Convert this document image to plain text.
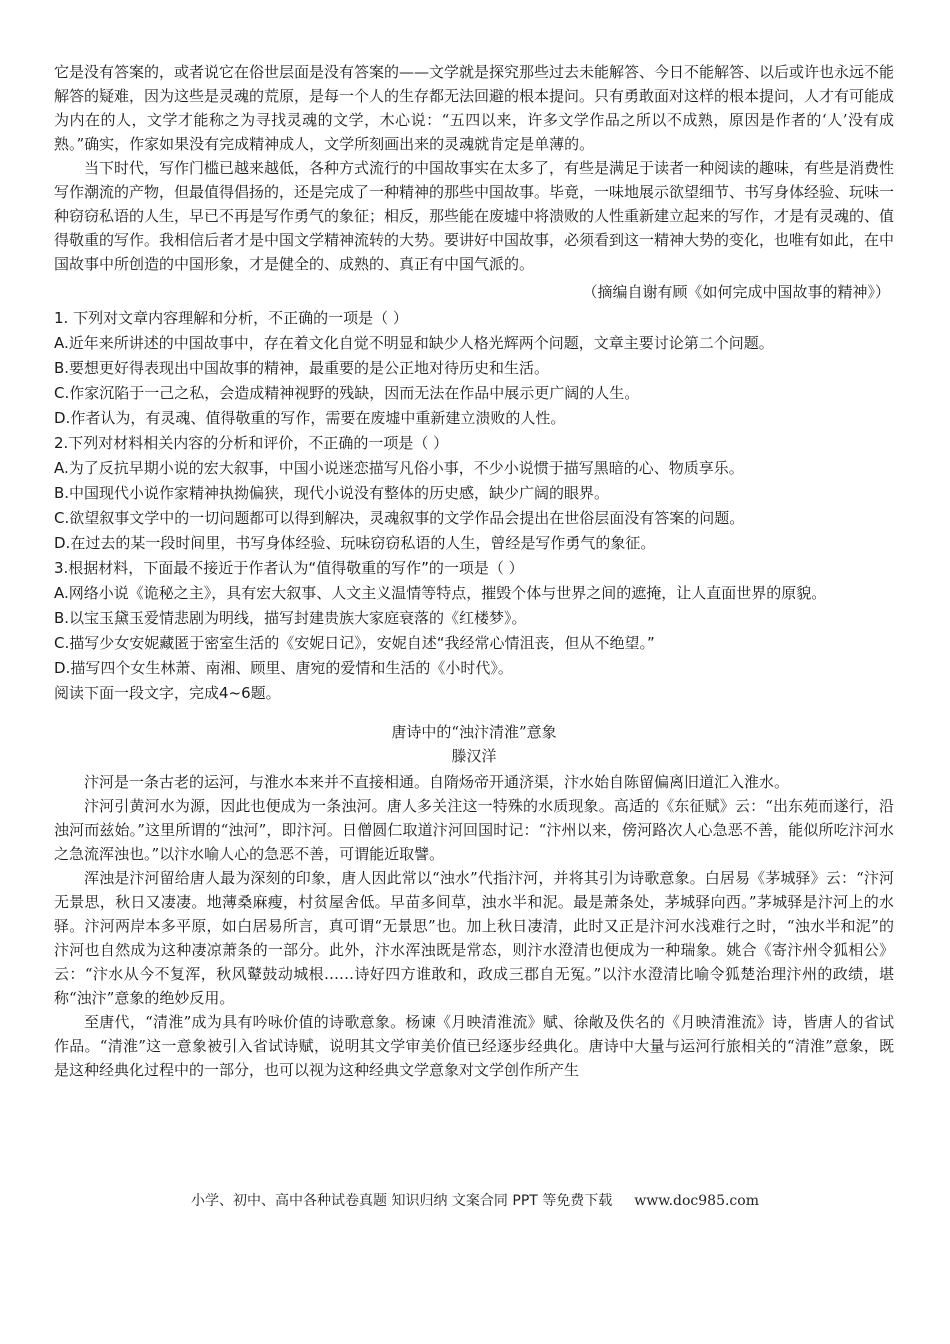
它是没有答案的，或者说它在俗世层面是没有答案的——文学就是探究那些过去未能解答、今日不能解答、以后或许也永远不能解答的疑难，因为这些是灵魂的荒原，是每一个人的生存都无法回避的根本提问。只有勇敢面对这样的根本提问，人才有可能成为内在的人，文学才能称之为寻找灵魂的文学，木心说：“五四以来，许多文学作品之所以不成熟，原因是作者的‘人’没有成熟。”确实，作家如果没有完成精神成人，文学所刻画出来的灵魂就肯定是单薄的。

当下时代，写作门槛已越来越低，各种方式流行的中国故事实在太多了，有些是满足于读者一种阅读的趣味，有些是消费性写作潮流的产物，但最值得倡扬的，还是完成了一种精神的那些中国故事。毕竟，一味地展示欲望细节、书写身体经验、玩味一种窃窃私语的人生，早已不再是写作勇气的象征；相反，那些能在废墟中将溃败的人性重新建立起来的写作，才是有灵魂的、值得敬重的写作。我相信后者才是中国文学精神流转的大势。要讲好中国故事，必须看到这一精神大势的变化，也唯有如此，在中国故事中所创造的中国形象，才是健全的、成熟的、真正有中国气派的。

（摘编自谢有顾《如何完成中国故事的精神》）

1. 下列对文章内容理解和分析，不正确的一项是（ ）

A.近年来所讲述的中国故事中，存在着文化自觉不明显和缺少人格光辉两个问题，文章主要讨论第二个问题。

B.要想更好得表现出中国故事的精神，最重要的是公正地对待历史和生活。

C.作家沉陷于一己之私，会造成精神视野的残缺，因而无法在作品中展示更广阔的人生。

D.作者认为，有灵魂、值得敬重的写作，需要在废墟中重新建立溃败的人性。

2.下列对材料相关内容的分析和评价，不正确的一项是（ ）

A.为了反抗早期小说的宏大叙事，中国小说迷恋描写凡俗小事，不少小说惯于描写黑暗的心、物质享乐。

B.中国现代小说作家精神执拗偏狭，现代小说没有整体的历史感，缺少广阔的眼界。

C.欲望叙事文学中的一切问题都可以得到解决，灵魂叙事的文学作品会提出在世俗层面没有答案的问题。

D.在过去的某一段时间里，书写身体经验、玩味窃窃私语的人生，曾经是写作勇气的象征。

3.根据材料，下面最不接近于作者认为“值得敬重的写作”的一项是（ ）

A.网络小说《诡秘之主》，具有宏大叙事、人文主义温情等特点，摧毁个体与世界之间的遮掩，让人直面世界的原貌。

B.以宝玉黛玉爱情悲剧为明线，描写封建贵族大家庭衰落的《红楼梦》。

C.描写少女安妮藏匿于密室生活的《安妮日记》，安妮自述“我经常心情沮丧，但从不绝望。”

D.描写四个女生林萧、南湘、顾里、唐宛的爱情和生活的《小时代》。

阅读下面一段文字，完成4~6题。

唐诗中的“浊汴清淮”意象

滕汉洋

汴河是一条古老的运河，与淮水本来并不直接相通。自隋炀帝开通济渠，汴水始自陈留偏离旧道汇入淮水。

汴河引黄河水为源，因此也便成为一条浊河。唐人多关注这一特殊的水质现象。高适的《东征赋》云：“出东苑而遂行，沿浊河而兹始。”这里所谓的“浊河”，即汴河。日僧圆仁取道汴河回国时记：“汴州以来，傍河路次人心急恶不善，能似所吃汴河水之急流浑浊也。”以汴水喻人心的急恶不善，可谓能近取譬。

浑浊是汴河留给唐人最为深刻的印象，唐人因此常以“浊水”代指汴河，并将其引为诗歌意象。白居易《茅城驿》云：“汴河无景思，秋日又凄凄。地薄桑麻瘦，村贫屋舍低。早苗多间草，浊水半和泥。最是萧条处，茅城驿向西。”茅城驿是汴河上的水驿。汴河两岸本多平原，如白居易所言，真可谓“无景思”也。加上秋日凄清，此时又正是汴河水浅难行之时，“浊水半和泥”的汴河也自然成为这种凄凉萧条的一部分。此外，汴水浑浊既是常态，则汴水澄清也便成为一种瑞象。姚合《寄汴州令狐相公》云：“汴水从今不复浑，秋风鼙鼓动城根……诗好四方谁敢和，政成三郡自无冤。”以汴水澄清比喻令狐楚治理汴州的政绩，堪称“浊汴”意象的绝妙反用。

至唐代，“清淮”成为具有吟咏价值的诗歌意象。杨谏《月映清淮流》赋、徐敞及佚名的《月映清淮流》诗，皆唐人的省试作品。“清淮”这一意象被引入省试诗赋，说明其文学审美价值已经逐步经典化。唐诗中大量与运河行旅相关的“清淮”意象，既是这种经典化过程中的一部分，也可以视为这种经典文学意象对文学创作所产生

小学、初中、高中各种试卷真题 知识归纳 文案合同 PPT 等免费下载 www.doc985.com
